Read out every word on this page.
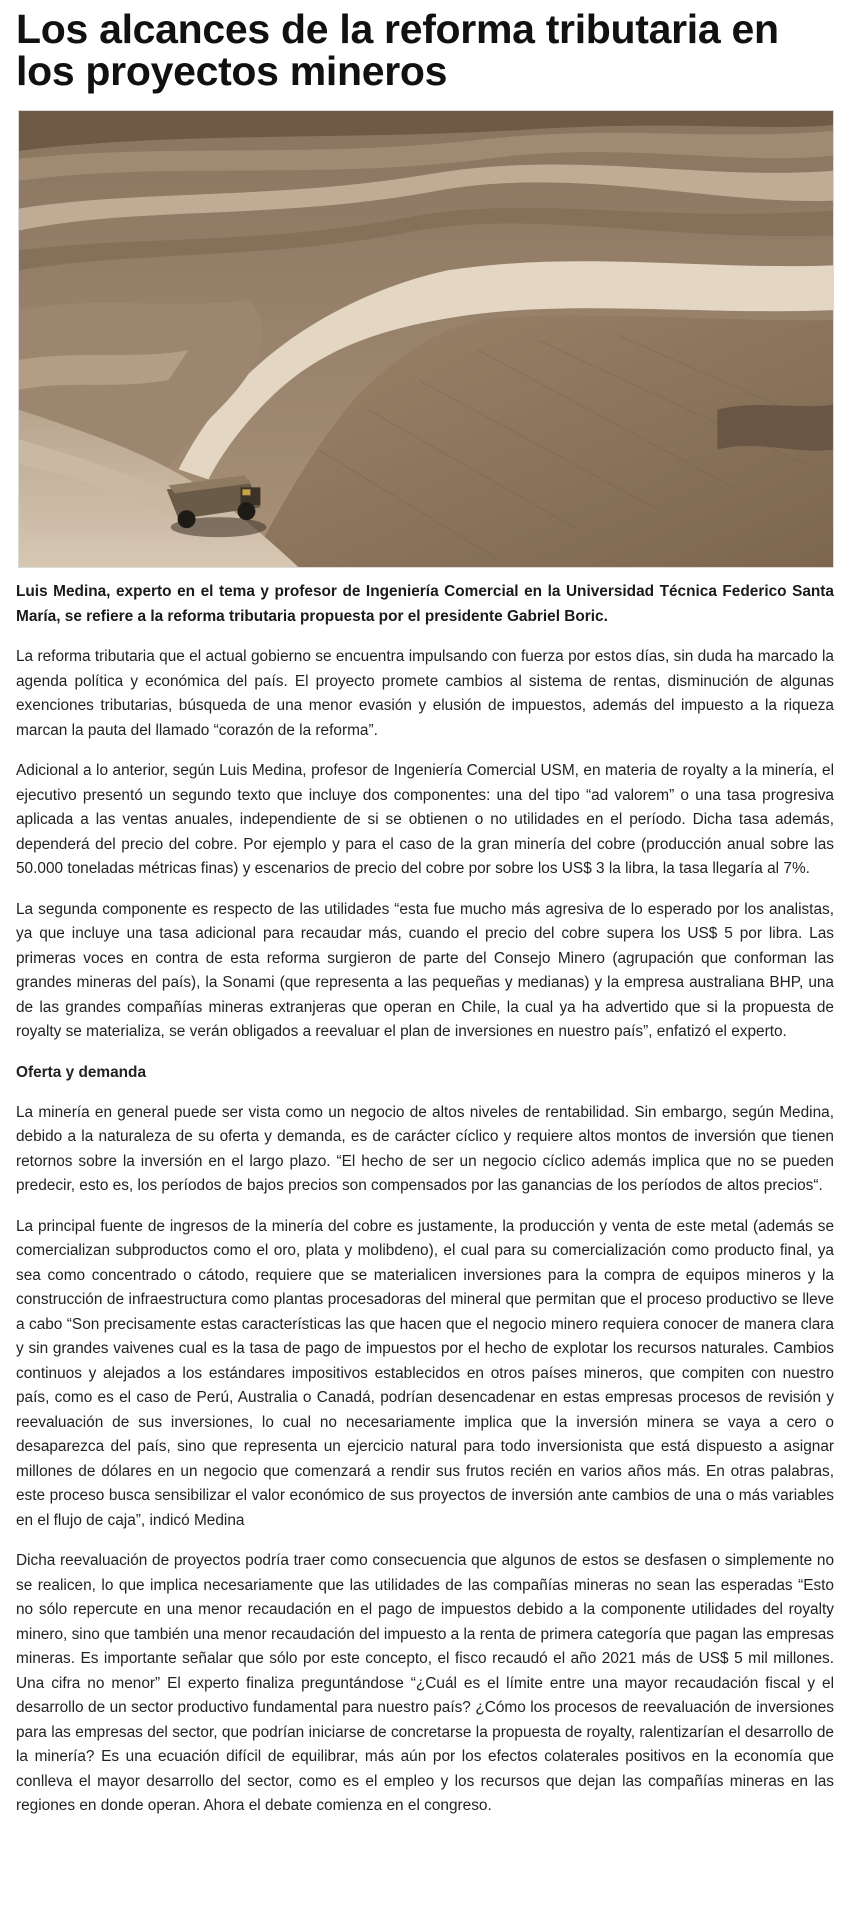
Los alcances de la reforma tributaria en los proyectos mineros

Luis Medina, experto en el tema y profesor de Ingeniería Comercial en la Universidad Técnica Federico Santa María, se refiere a la reforma tributaria propuesta por el presidente Gabriel Boric.

La reforma tributaria que el actual gobierno se encuentra impulsando con fuerza por estos días, sin duda ha marcado la agenda política y económica del país. El proyecto promete cambios al sistema de rentas, disminución de algunas exenciones tributarias, búsqueda de una menor evasión y elusión de impuestos, además del impuesto a la riqueza marcan la pauta del llamado “corazón de la reforma”.

Adicional a lo anterior, según Luis Medina, profesor de Ingeniería Comercial USM, en materia de royalty a la minería, el ejecutivo presentó un segundo texto que incluye dos componentes: una del tipo “ad valorem” o una tasa progresiva aplicada a las ventas anuales, independiente de si se obtienen o no utilidades en el período. Dicha tasa además, dependerá del precio del cobre. Por ejemplo y para el caso de la gran minería del cobre (producción anual sobre las 50.000 toneladas métricas finas) y escenarios de precio del cobre por sobre los US$ 3 la libra, la tasa llegaría al 7%.

La segunda componente es respecto de las utilidades “esta fue mucho más agresiva de lo esperado por los analistas, ya que incluye una tasa adicional para recaudar más, cuando el precio del cobre supera los US$ 5 por libra. Las primeras voces en contra de esta reforma surgieron de parte del Consejo Minero (agrupación que conforman las grandes mineras del país), la Sonami (que representa a las pequeñas y medianas) y la empresa australiana BHP, una de las grandes compañías mineras extranjeras que operan en Chile, la cual ya ha advertido que si la propuesta de royalty se materializa, se verán obligados a reevaluar el plan de inversiones en nuestro país”, enfatizó el experto.

Oferta y demanda

La minería en general puede ser vista como un negocio de altos niveles de rentabilidad. Sin embargo, según Medina, debido a la naturaleza de su oferta y demanda, es de carácter cíclico y requiere altos montos de inversión que tienen retornos sobre la inversión en el largo plazo. “El hecho de ser un negocio cíclico además implica que no se pueden predecir, esto es, los períodos de bajos precios son compensados por las ganancias de los períodos de altos precios“.

La principal fuente de ingresos de la minería del cobre es justamente, la producción y venta de este metal (además se comercializan subproductos como el oro, plata y molibdeno), el cual para su comercialización como producto final, ya sea como concentrado o cátodo, requiere que se materialicen inversiones para la compra de equipos mineros y la construcción de infraestructura como plantas procesadoras del mineral que permitan que el proceso productivo se lleve a cabo “Son precisamente estas características las que hacen que el negocio minero requiera conocer de manera clara y sin grandes vaivenes cual es la tasa de pago de impuestos por el hecho de explotar los recursos naturales. Cambios continuos y alejados a los estándares impositivos establecidos en otros países mineros, que compiten con nuestro país, como es el caso de Perú, Australia o Canadá, podrían desencadenar en estas empresas procesos de revisión y reevaluación de sus inversiones, lo cual no necesariamente implica que la inversión minera se vaya a cero o desaparezca del país, sino que representa un ejercicio natural para todo inversionista que está dispuesto a asignar millones de dólares en un negocio que comenzará a rendir sus frutos recién en varios años más. En otras palabras, este proceso busca sensibilizar el valor económico de sus proyectos de inversión ante cambios de una o más variables en el flujo de caja”, indicó Medina

Dicha reevaluación de proyectos podría traer como consecuencia que algunos de estos se desfasen o simplemente no se realicen, lo que implica necesariamente que las utilidades de las compañías mineras no sean las esperadas “Esto no sólo repercute en una menor recaudación en el pago de impuestos debido a la componente utilidades del royalty minero, sino que también una menor recaudación del impuesto a la renta de primera categoría que pagan las empresas mineras. Es importante señalar que sólo por este concepto, el fisco recaudó el año 2021 más de US$ 5 mil millones. Una cifra no menor” El experto finaliza preguntándose “¿Cuál es el límite entre una mayor recaudación fiscal y el desarrollo de un sector productivo fundamental para nuestro país? ¿Cómo los procesos de reevaluación de inversiones para las empresas del sector, que podrían iniciarse de concretarse la propuesta de royalty, ralentizarían el desarrollo de la minería? Es una ecuación difícil de equilibrar, más aún por los efectos colaterales positivos en la economía que conlleva el mayor desarrollo del sector, como es el empleo y los recursos que dejan las compañías mineras en las regiones en donde operan. Ahora el debate comienza en el congreso.
